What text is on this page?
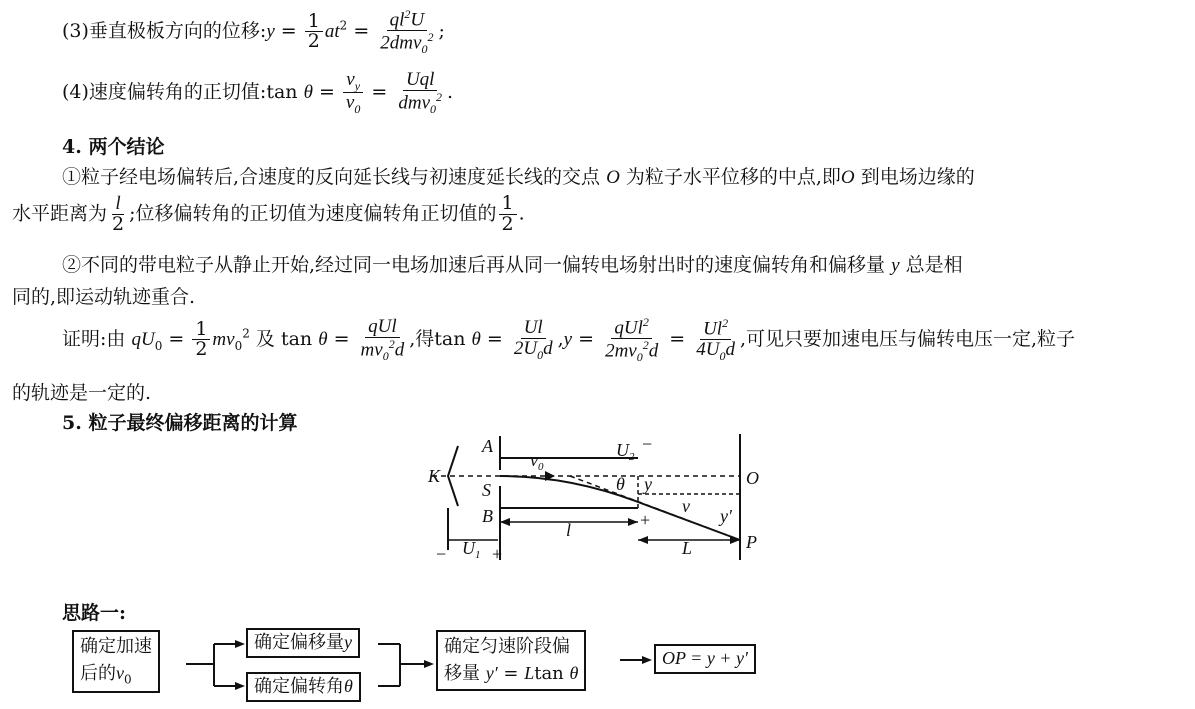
(3)垂直极板方向的位移:y = $\frac{1}{2} at^2 = \frac{ql^2U}{2dmv_0^2}$ ;
(4)速度偏转角的正切值:tan $\theta = \frac{v_y}{v_0} = \frac{\text{Uql}}{dmv_0^2}$ .
4. 两个结论
①粒子经电场偏转后,合速度的反向延长线与初速度延长线的交点 O 为粒子水平位移的中点,即O 到电场边缘的
水平距离为 $\frac{l}{2}$ ;位移偏转角的正切值为速度偏转角正切值的 $\frac{1}{2}$ .
②不同的带电粒子从静止开始,经过同一电场加速后再从同一偏转电场射出时的速度偏转角和偏移量 y 总是相
同的,即运动轨迹重合.
证明:由 $qU_0 = \frac{1}{2} mv_0^2$ 及 $\tan \theta = \frac{\text{qUl}}{mv_0^2d}$ ,得$\tan \theta = \frac{Ul}{2U_0d} ,y = \frac{qUl^2}{2mv_0^2d} = \frac{Ul^2}{4U_0d}$ ,可见只要加速电压与偏转电压一定,粒子
的轨迹是一定的.
5. 粒子最终偏移距离的计算
A
K
S
B
O
P
$v_0$
$U_2$
θ y
v y′
l
L
$U_1$
−
+
−	+
思路一:
确定加速
后的$v_0$
确定偏移量y
确定偏转角θ
确定匀速阶段偏
移量 y′ = Ltan θ
OP = y + y′
